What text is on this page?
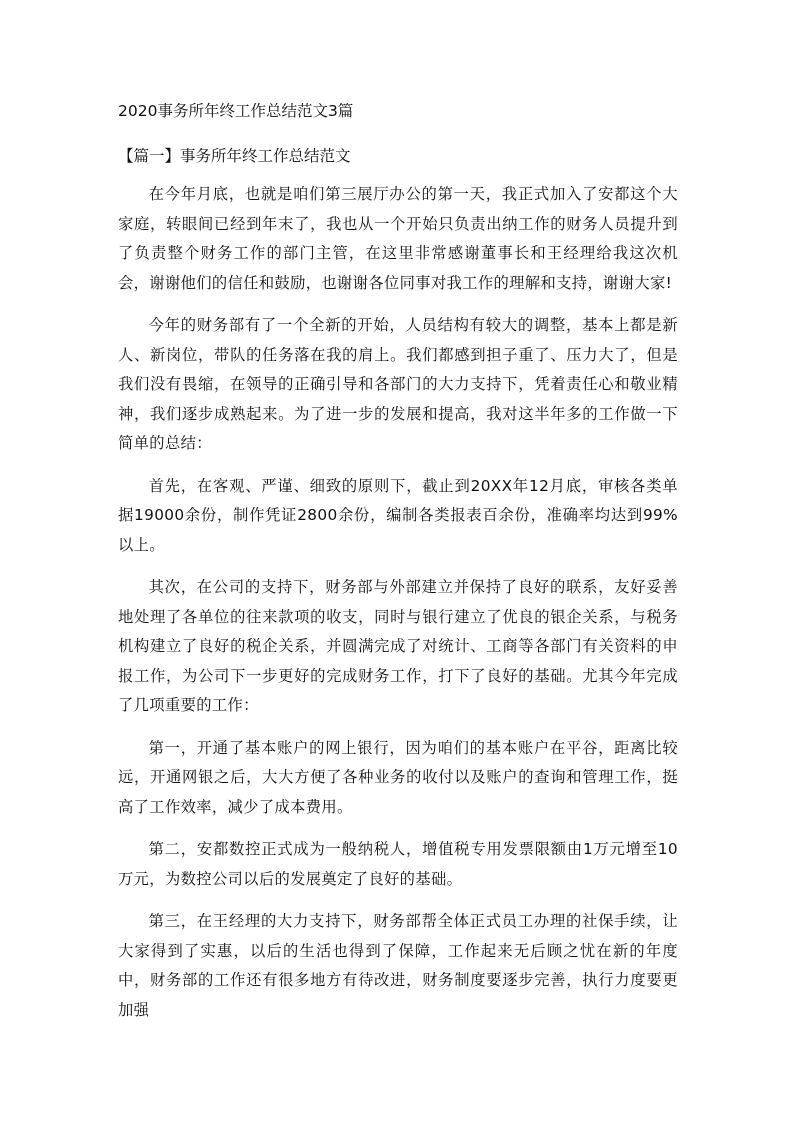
2020事务所年终工作总结范文3篇
【篇一】事务所年终工作总结范文

在今年月底，也就是咱们第三展厅办公的第一天，我正式加入了安都这个大家庭，转眼间已经到年末了，我也从一个开始只负责出纳工作的财务人员提升到了负责整个财务工作的部门主管，在这里非常感谢董事长和王经理给我这次机会，谢谢他们的信任和鼓励，也谢谢各位同事对我工作的理解和支持，谢谢大家!

今年的财务部有了一个全新的开始，人员结构有较大的调整，基本上都是新人、新岗位，带队的任务落在我的肩上。我们都感到担子重了、压力大了，但是我们没有畏缩，在领导的正确引导和各部门的大力支持下，凭着责任心和敬业精神，我们逐步成熟起来。为了进一步的发展和提高，我对这半年多的工作做一下简单的总结：

首先，在客观、严谨、细致的原则下，截止到20XX年12月底，审核各类单据19000余份，制作凭证2800余份，编制各类报表百余份，准确率均达到99%以上。

其次，在公司的支持下，财务部与外部建立并保持了良好的联系，友好妥善地处理了各单位的往来款项的收支，同时与银行建立了优良的银企关系，与税务机构建立了良好的税企关系，并圆满完成了对统计、工商等各部门有关资料的申报工作，为公司下一步更好的完成财务工作，打下了良好的基础。尤其今年完成了几项重要的工作：

第一，开通了基本账户的网上银行，因为咱们的基本账户在平谷，距离比较远，开通网银之后，大大方便了各种业务的收付以及账户的查询和管理工作，挺高了工作效率，减少了成本费用。

第二，安都数控正式成为一般纳税人，增值税专用发票限额由1万元增至10万元，为数控公司以后的发展奠定了良好的基础。

第三，在王经理的大力支持下，财务部帮全体正式员工办理的社保手续，让大家得到了实惠，以后的生活也得到了保障，工作起来无后顾之忧在新的年度中，财务部的工作还有很多地方有待改进，财务制度要逐步完善，执行力度要更加强
